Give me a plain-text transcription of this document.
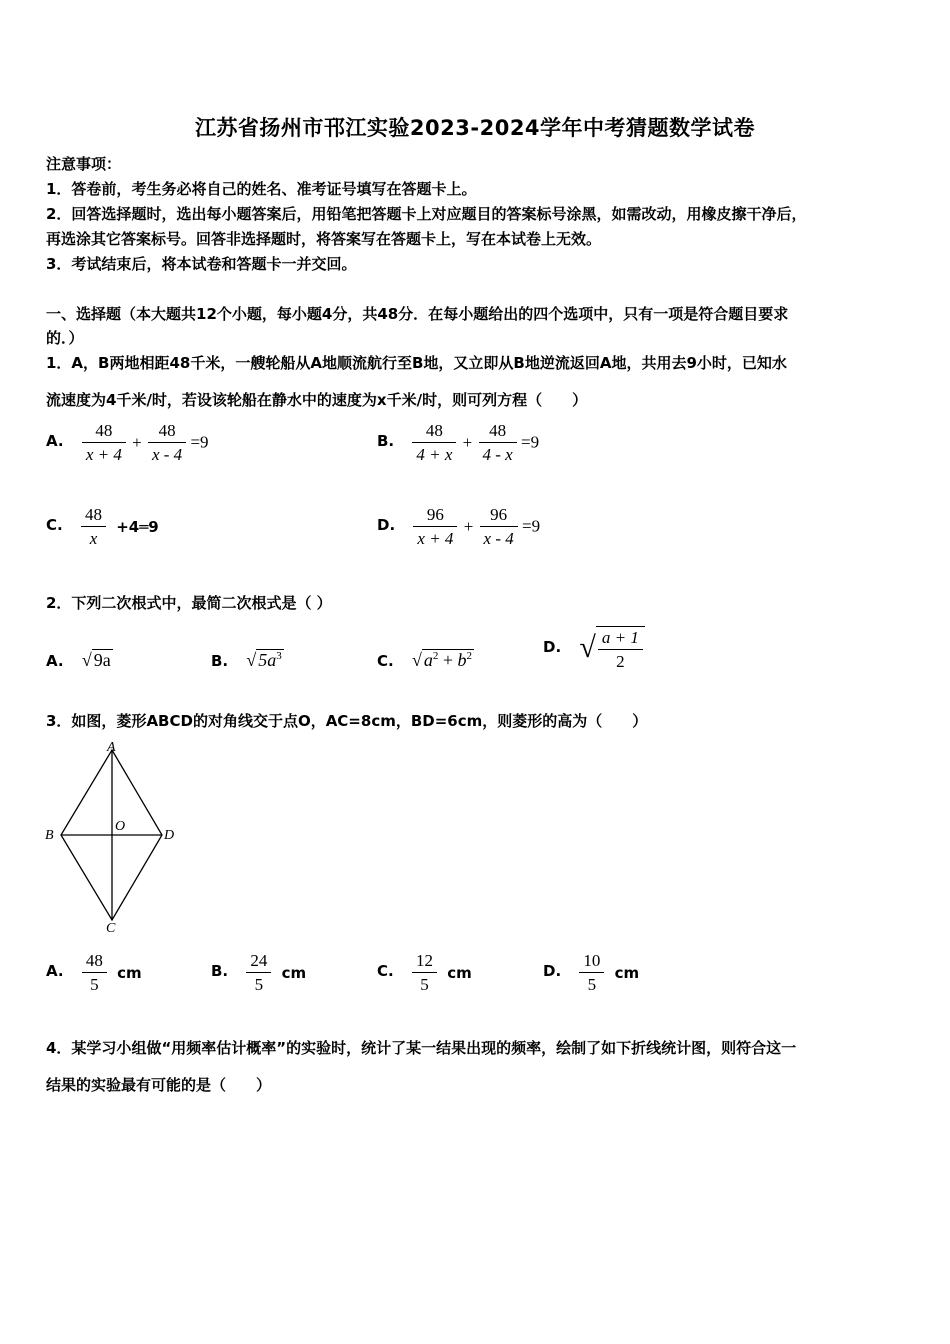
江苏省扬州市邗江实验2023-2024学年中考猜题数学试卷
注意事项：
1．答卷前，考生务必将自己的姓名、准考证号填写在答题卡上。
2．回答选择题时，选出每小题答案后，用铅笔把答题卡上对应题目的答案标号涂黑，如需改动，用橡皮擦干净后，
再选涂其它答案标号。回答非选择题时，将答案写在答题卡上，写在本试卷上无效。
3．考试结束后，将本试卷和答题卡一并交回。
一、选择题（本大题共12个小题，每小题4分，共48分．在每小题给出的四个选项中，只有一项是符合题目要求
的．）
1．A，B两地相距48千米，一艘轮船从A地顺流航行至B地，又立即从B地逆流返回A地，共用去9小时，已知水
流速度为4千米/时，若设该轮船在静水中的速度为x千米/时，则可列方程（　　）
A. $\frac{48}{x + 4} + \frac{48}{x - 4} =9$	B. $\frac{48}{4 + x} + \frac{48}{4 - x} =9$
C. $\frac{48}{x}$ +4═9	D. $\frac{96}{x + 4} + \frac{96}{x - 4} =9$
2．下列二次根式中，最简二次根式是（ ）
A. √ 9a	B. √ $5a^3$	C. √ $a^2 + b^2$
D. √ $\frac{a + 1}{2}$
3．如图，菱形ABCD的对角线交于点O，AC=8cm，BD=6cm，则菱形的高为（　　）
A
B	D
C
O
A. $\frac{48}{5}$ cm	B. $\frac{24}{5}$ cm	C. $\frac{12}{5}$ cm	D. $\frac{10}{5}$ cm
4．某学习小组做“用频率估计概率”的实验时，统计了某一结果出现的频率，绘制了如下折线统计图，则符合这一
结果的实验最有可能的是（　　）
